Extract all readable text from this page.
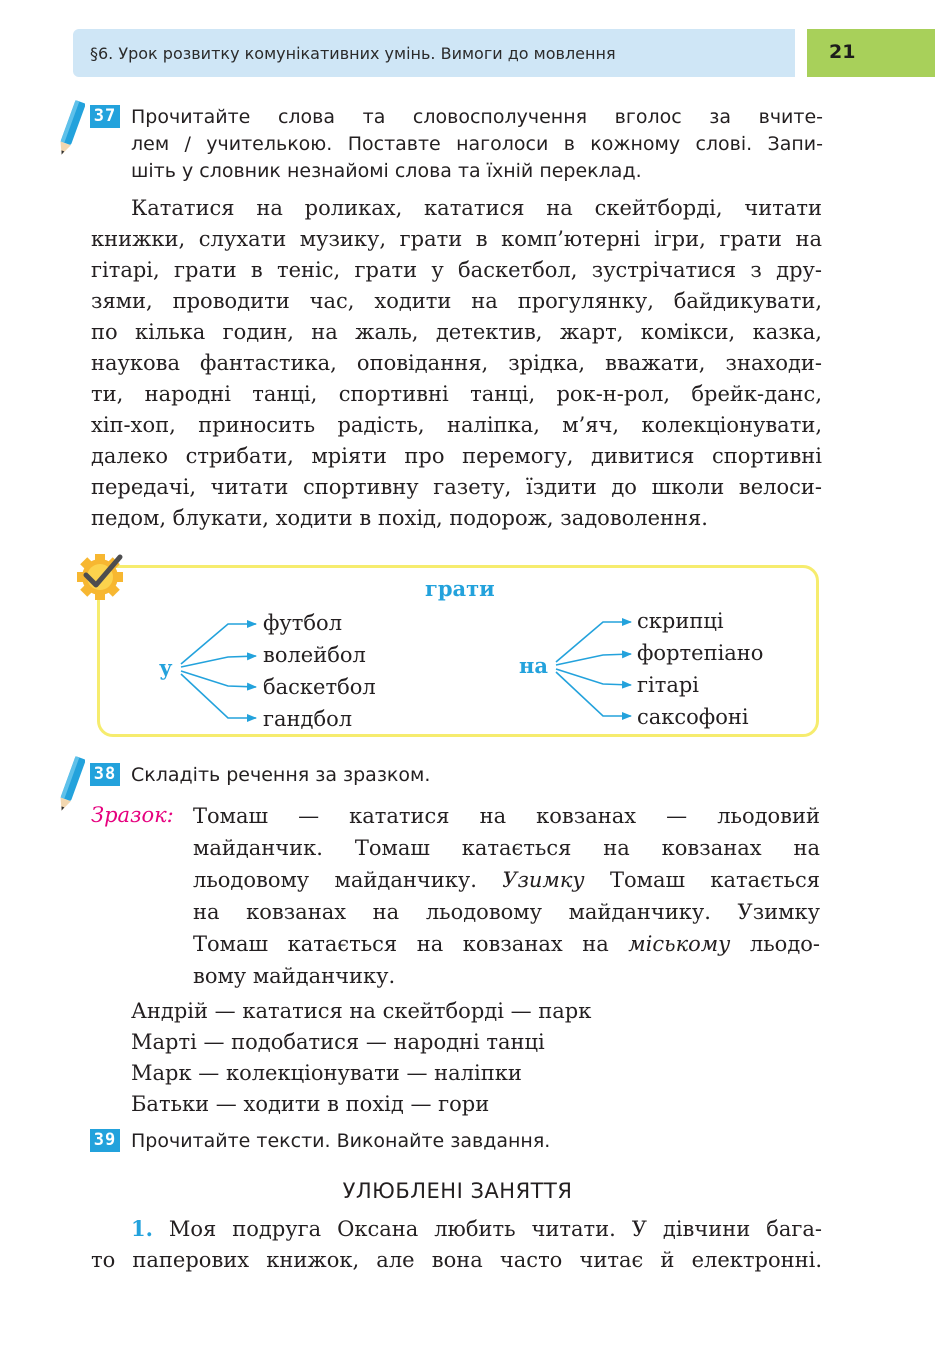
§6. Урок розвитку комунікативних умінь. Вимоги до мовлення	21
37 Прочитайте слова та словосполучення вголос за вчите-

лем / учителькою. Поставте наголоси в кожному слові. Запи-

шіть у словник незнайомі слова та їхній переклад.

Кататися на роликах, кататися на скейтборді, читати

книжки, слухати музику, грати в комп’ютерні ігри, грати на

гітарі, грати в теніс, грати у баскетбол, зустрічатися з дру-

зями, проводити час, ходити на прогулянку, байдикувати,

по кілька годин, на жаль, детектив, жарт, комікси, казка,

наукова фантастика, оповідання, зрідка, вважати, знаходи-

ти, народні танці, спортивні танці, рок-н-рол, брейк-данс,

хіп-хоп, приносить радість, наліпка, м’яч, колекціонувати,

далеко стрибати, мріяти про перемогу, дивитися спортивні

передачі, читати спортивну газету, їздити до школи велоси-

педом, блукати, ходити в похід, подорож, задоволення.

грати
у	на
футбол
волейбол
баскетбол
гандбол
скрипці
фортепіано
гітарі
саксофоні
38 Складіть речення за зразком.

Зразок: Томаш — кататися на ковзанах — льодовий

майданчик. Томаш катається на ковзанах на

льодовому майданчику. Узимку Томаш катається

на ковзанах на льодовому майданчику. Узимку

Томаш катається на ковзанах на міському льодо-

вому майданчику.

Андрій — кататися на скейтборді — парк
Марті — подобатися — народні танці
Марк — колекціонувати — наліпки
Батьки — ходити в похід — гори
39 Прочитайте тексти. Виконайте завдання.

УЛЮБЛЕНІ ЗАНЯТТЯ

1. Моя подруга Оксана любить читати. У дівчини бага-

то паперових книжок, але вона часто читає й електронні.
